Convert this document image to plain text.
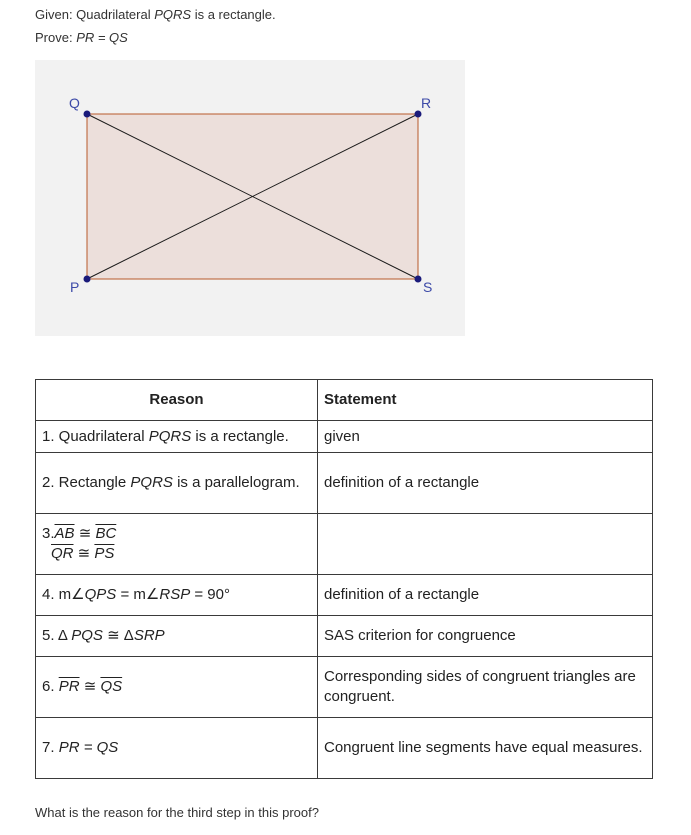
Given: Quadrilateral PQRS is a rectangle.
Prove: PR = QS
Q	R
P	S
Reason	Statement
1. Quadrilateral PQRS is a rectangle.	given
2. Rectangle PQRS is a parallelogram.	definition of a rectangle

$3.\overline{AB}$ ≅ $\overline{BC}$
$\overline{QR}$ ≅ $\overline{PS}$	
4. m∠QPS = m∠RSP = 90°	definition of a rectangle
5. Δ PQS ≅ ΔSRP	SAS criterion for congruence
6. $\overline{PR}$ ≅ $\overline{QS}$	Corresponding sides of congruent triangles are congruent.
7. PR = QS	Congruent line segments have equal measures.
What is the reason for the third step in this proof?
